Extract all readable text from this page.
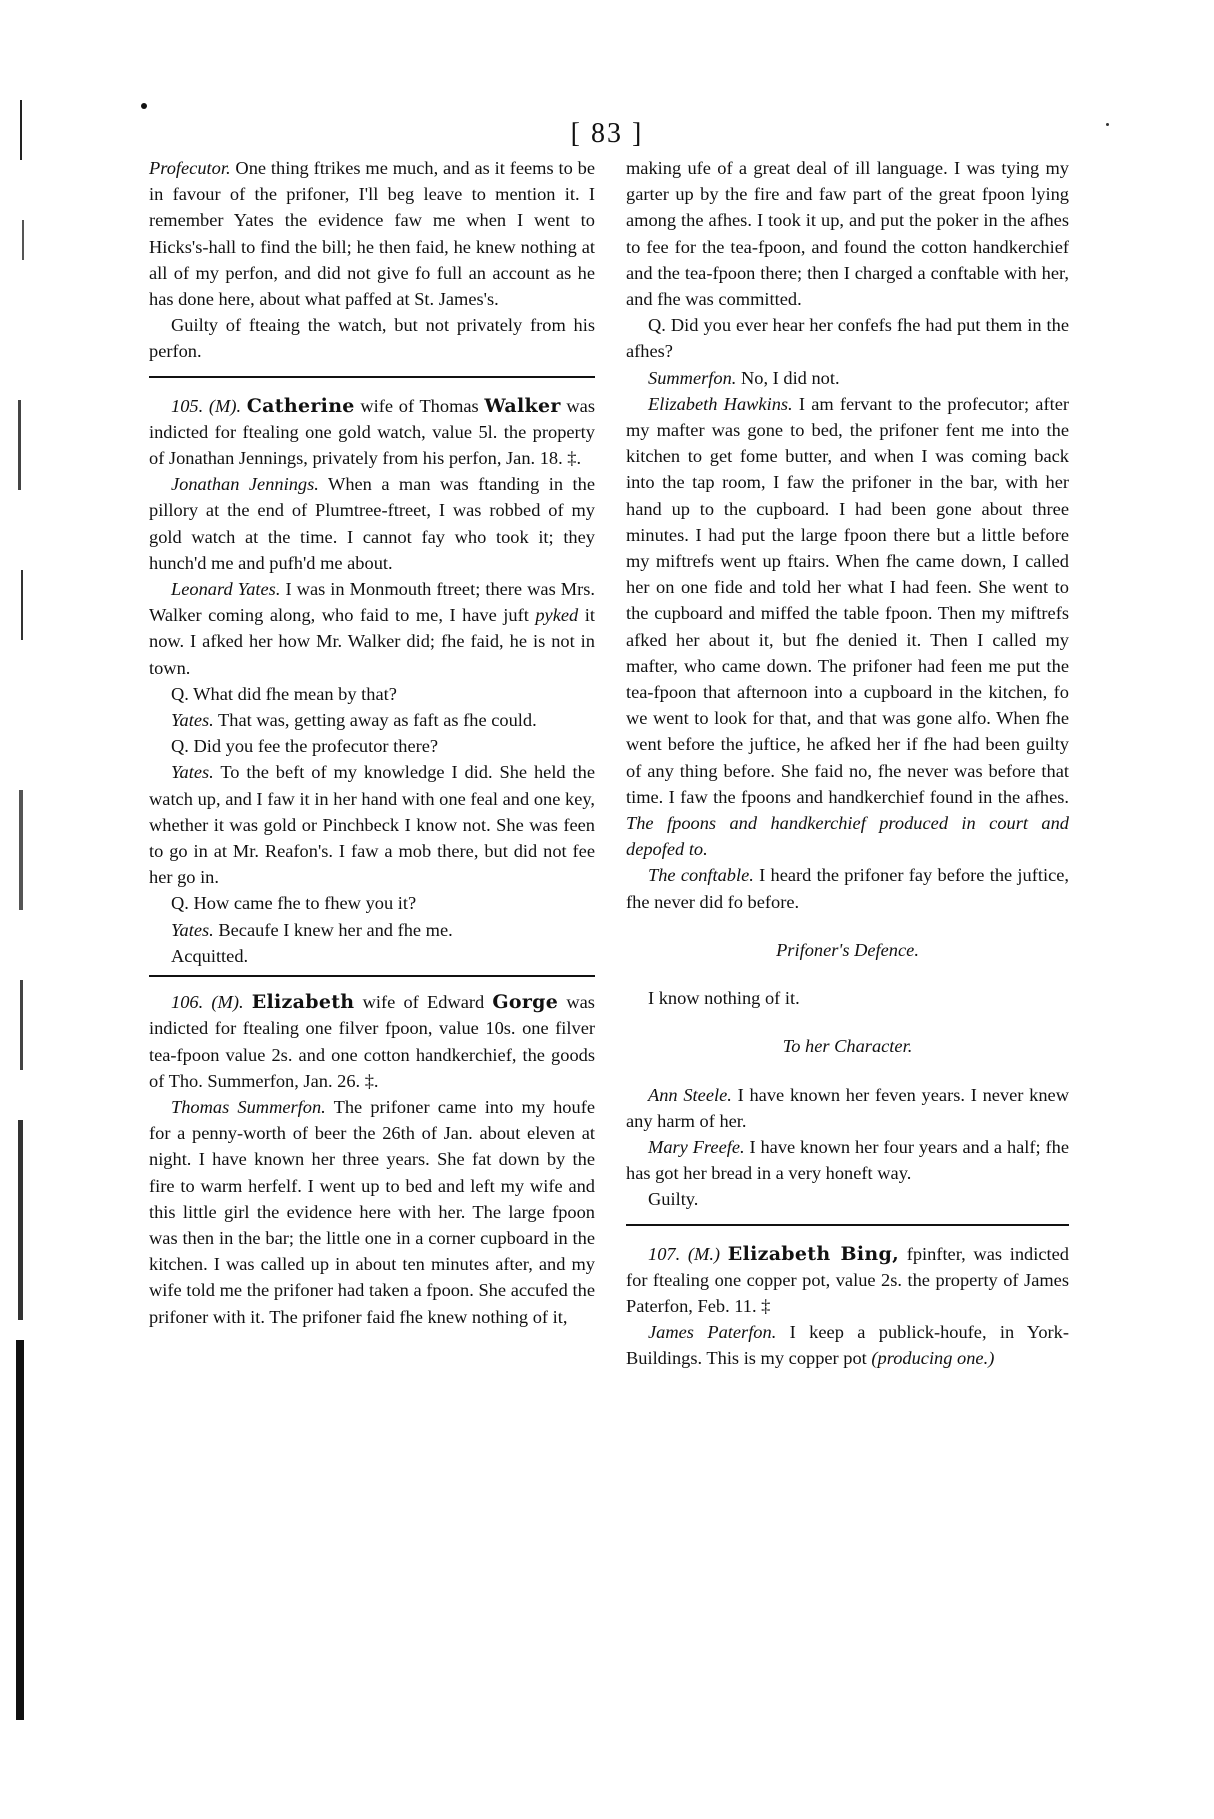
[ 83 ]

Profecutor. One thing ftrikes me much, and as it feems to be in favour of the prifoner, I'll beg leave to mention it. I remember Yates the evidence faw me when I went to Hicks's-hall to find the bill; he then faid, he knew nothing at all of my perfon, and did not give fo full an account as he has done here, about what paffed at St. James's.

Guilty of fteaing the watch, but not privately from his perfon.

105. (M). Catherine wife of Thomas Walker was indicted for ftealing one gold watch, value 5l. the property of Jonathan Jennings, privately from his perfon, Jan. 18. ‡.

Jonathan Jennings. When a man was ftanding in the pillory at the end of Plumtree-ftreet, I was robbed of my gold watch at the time. I cannot fay who took it; they hunch'd me and pufh'd me about.

Leonard Yates. I was in Monmouth ftreet; there was Mrs. Walker coming along, who faid to me, I have juft pyked it now. I afked her how Mr. Walker did; fhe faid, he is not in town.

Q. What did fhe mean by that?

Yates. That was, getting away as faft as fhe could.

Q. Did you fee the profecutor there?

Yates. To the beft of my knowledge I did. She held the watch up, and I faw it in her hand with one feal and one key, whether it was gold or Pinchbeck I know not. She was feen to go in at Mr. Reafon's. I faw a mob there, but did not fee her go in.

Q. How came fhe to fhew you it?

Yates. Becaufe I knew her and fhe me.

Acquitted.

106. (M). Elizabeth wife of Edward Gorge was indicted for ftealing one filver fpoon, value 10s. one filver tea-fpoon value 2s. and one cotton handkerchief, the goods of Tho. Summerfon, Jan. 26. ‡.

Thomas Summerfon. The prifoner came into my houfe for a penny-worth of beer the 26th of Jan. about eleven at night. I have known her three years. She fat down by the fire to warm herfelf. I went up to bed and left my wife and this little girl the evidence here with her. The large fpoon was then in the bar; the little one in a corner cupboard in the kitchen. I was called up in about ten minutes after, and my wife told me the prifoner had taken a fpoon. She accufed the prifoner with it. The prifoner faid fhe knew nothing of it,

making ufe of a great deal of ill language. I was tying my garter up by the fire and faw part of the great fpoon lying among the afhes. I took it up, and put the poker in the afhes to fee for the tea-fpoon, and found the cotton handkerchief and the tea-fpoon there; then I charged a conftable with her, and fhe was committed.

Q. Did you ever hear her confefs fhe had put them in the afhes?

Summerfon. No, I did not.

Elizabeth Hawkins. I am fervant to the profecutor; after my mafter was gone to bed, the prifoner fent me into the kitchen to get fome butter, and when I was coming back into the tap room, I faw the prifoner in the bar, with her hand up to the cupboard. I had been gone about three minutes. I had put the large fpoon there but a little before my miftrefs went up ftairs. When fhe came down, I called her on one fide and told her what I had feen. She went to the cupboard and miffed the table fpoon. Then my miftrefs afked her about it, but fhe denied it. Then I called my mafter, who came down. The prifoner had feen me put the tea-fpoon that afternoon into a cupboard in the kitchen, fo we went to look for that, and that was gone alfo. When fhe went before the juftice, he afked her if fhe had been guilty of any thing before. She faid no, fhe never was before that time. I faw the fpoons and handkerchief found in the afhes. The fpoons and handkerchief produced in court and depofed to.

The conftable. I heard the prifoner fay before the juftice, fhe never did fo before.

Prifoner's Defence.

I know nothing of it.

To her Character.

Ann Steele. I have known her feven years. I never knew any harm of her.

Mary Freefe. I have known her four years and a half; fhe has got her bread in a very honeft way.

Guilty.

107. (M.) Elizabeth Bing, fpinfter, was indicted for ftealing one copper pot, value 2s. the property of James Paterfon, Feb. 11. ‡

James Paterfon. I keep a publick-houfe, in York-Buildings. This is my copper pot (producing one.)
